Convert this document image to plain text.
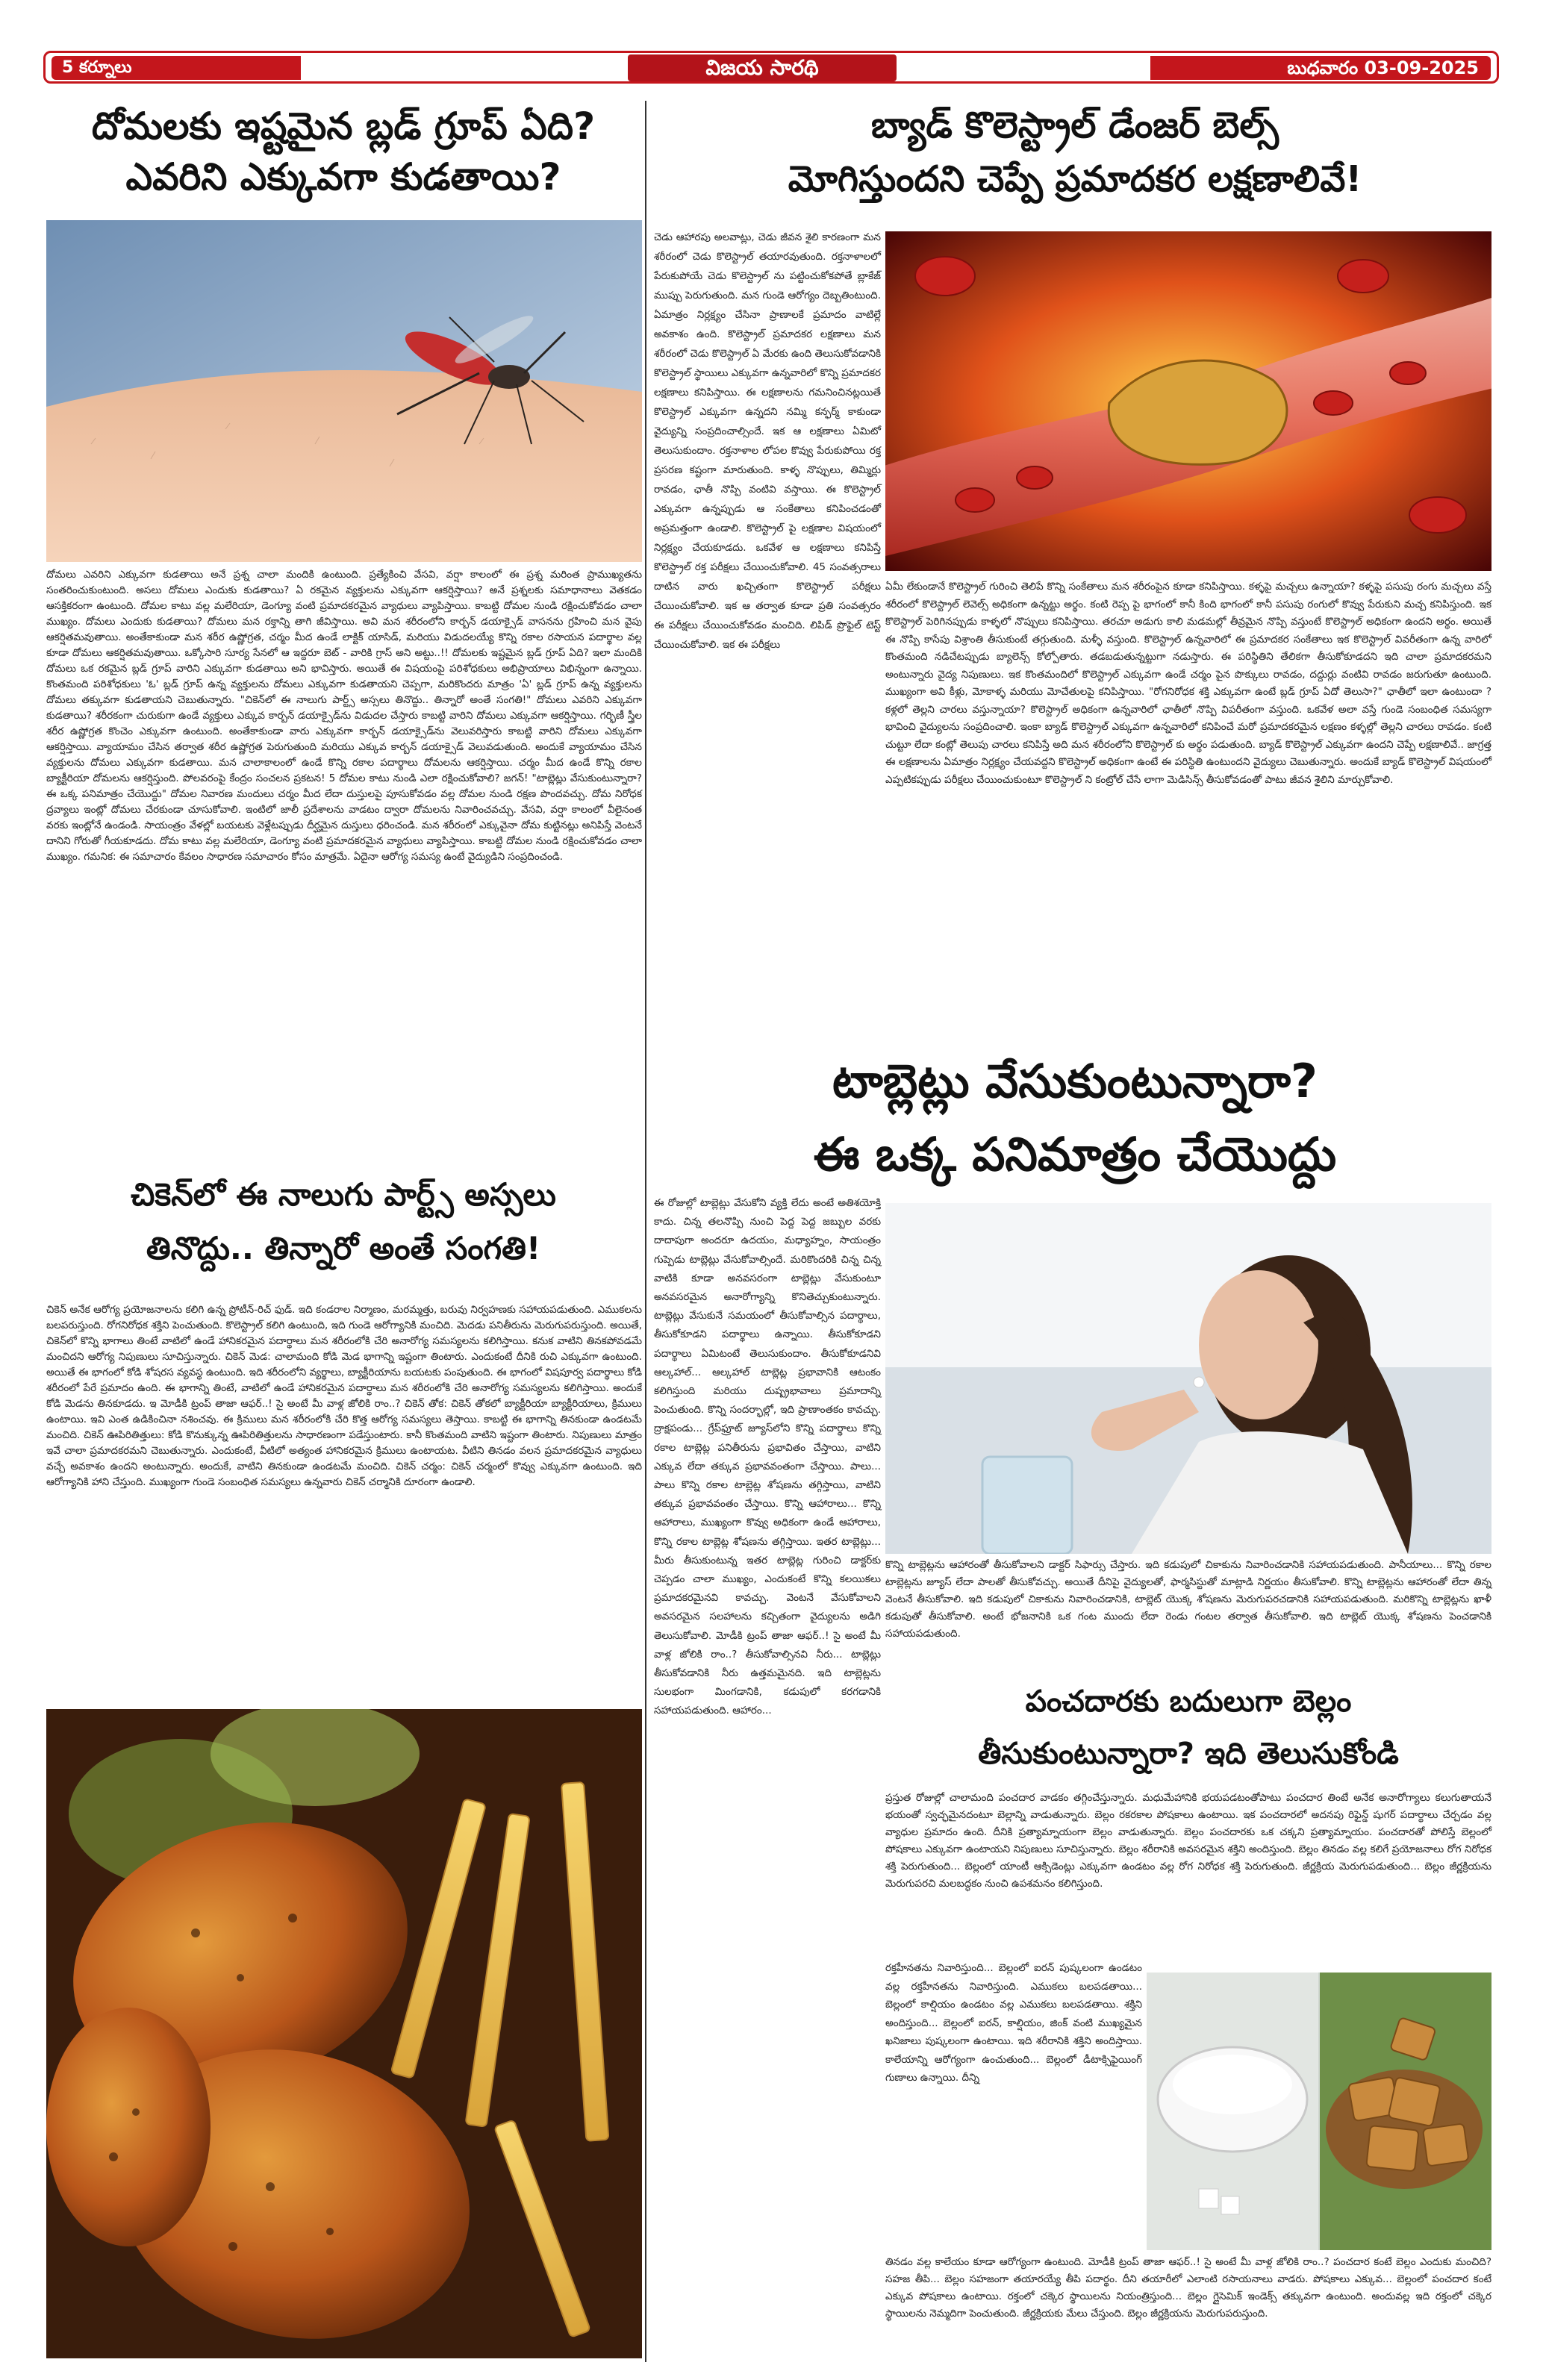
5 కర్నూలు	విజయ సారథి	బుధవారం 03-09-2025
దోమలకు ఇష్టమైన బ్లడ్ గ్రూప్ ఏది?
ఎవరిని ఎక్కువగా కుడతాయి?
దోమలు ఎవరిని ఎక్కువగా కుడతాయి అనే ప్రశ్న చాలా మందికి ఉంటుంది. ప్రత్యేకించి వేసవి, వర్షా కాలంలో ఈ ప్రశ్న మరింత ప్రాముఖ్యతను సంతరించుకుంటుంది. అసలు దోమలు ఎందుకు కుడతాయి? ఏ రకమైన వ్యక్తులను ఎక్కువగా ఆకర్షిస్తాయి? అనే ప్రశ్నలకు సమాధానాలు వెతకడం ఆసక్తికరంగా ఉంటుంది. దోమల కాటు వల్ల మలేరియా, డెంగ్యూ వంటి ప్రమాదకరమైన వ్యాధులు వ్యాపిస్తాయి. కాబట్టి దోమల నుండి రక్షించుకోవడం చాలా ముఖ్యం. దోమలు ఎందుకు కుడతాయి? దోమలు మన రక్తాన్ని తాగి జీవిస్తాయి. అవి మన శరీరంలోని కార్బన్ డయాక్సైడ్ వాసనను గ్రహించి మన వైపు ఆకర్షితమవుతాయి. అంతేకాకుండా మన శరీర ఉష్ణోగ్రత, చర్మం మీద ఉండే లాక్టిక్ యాసిడ్, మరియు విడుదలయ్యే కొన్ని రకాల రసాయన పదార్థాల వల్ల కూడా దోమలు ఆకర్షితమవుతాయి. ఒక్కోసారి సూర్య సేనలో ఆ ఇద్దరూ బెట్ - వారికి గ్రాస్ అని అట్టు..!! దోమలకు ఇష్టమైన బ్లడ్ గ్రూప్ ఏది? ఇలా మందికి దోమలు ఒక రకమైన బ్లడ్ గ్రూప్ వారిని ఎక్కువగా కుడతాయి అని భావిస్తారు. అయితే ఈ విషయంపై పరిశోధకులు అభిప్రాయాలు విభిన్నంగా ఉన్నాయి. కొంతమంది పరిశోధకులు 'ఓ' బ్లడ్ గ్రూప్ ఉన్న వ్యక్తులను దోమలు ఎక్కువగా కుడతాయని చెప్పగా, మరికొందరు మాత్రం 'ఏ' బ్లడ్ గ్రూప్ ఉన్న వ్యక్తులను దోమలు తక్కువగా కుడతాయని చెబుతున్నారు. "చికెన్‌లో ఈ నాలుగు పార్ట్స్ అస్సలు తినొద్దు.. తిన్నారో అంతే సంగతి!" దోమలు ఎవరిని ఎక్కువగా కుడతాయి? శరీరకంగా చురుకుగా ఉండే వ్యక్తులు ఎక్కువ కార్బన్ డయాక్సైడ్‌ను విడుదల చేస్తారు కాబట్టి వారిని దోమలు ఎక్కువగా ఆకర్షిస్తాయి. గర్భిణీ స్త్రీల శరీర ఉష్ణోగ్రత కొంచెం ఎక్కువగా ఉంటుంది. అంతేకాకుండా వారు ఎక్కువగా కార్బన్ డయాక్సైడ్‌ను వెలువరిస్తారు కాబట్టి వారిని దోమలు ఎక్కువగా ఆకర్షిస్తాయి. వ్యాయామం చేసిన తర్వాత శరీర ఉష్ణోగ్రత పెరుగుతుంది మరియు ఎక్కువ కార్బన్ డయాక్సైడ్ వెలువడుతుంది. అందుకే వ్యాయామం చేసిన వ్యక్తులను దోమలు ఎక్కువగా కుడతాయి. మన చాలాకాలంలో ఉండే కొన్ని రకాల పదార్థాలు దోమలను ఆకర్షిస్తాయి. చర్మం మీద ఉండే కొన్ని రకాల బ్యాక్టీరియా దోమలను ఆకర్షిస్తుంది. పోలవరంపై కేంద్రం సంచలన ప్రకటన! 5 దోమల కాటు నుండి ఎలా రక్షించుకోవాలి? జగన్! "టాబ్లెట్లు వేసుకుంటున్నారా? ఈ ఒక్క పనిమాత్రం చేయొద్దు" దోమల నివారణ మందులు చర్మం మీద లేదా దుస్తులపై పూసుకోవడం వల్ల దోమల నుండి రక్షణ పొందవచ్చు. దోమ నిరోధక ద్రవ్యాలు ఇంట్లో దోమలు చేరకుండా చూసుకోవాలి. ఇంటిలో జాలీ ప్రదేశాలను వాడటం ద్వారా దోమలను నివారించవచ్చు. వేసవి, వర్షా కాలంలో వీలైనంత వరకు ఇంట్లోనే ఉండండి. సాయంత్రం వేళల్లో బయటకు వెళ్లేటప్పుడు దీర్ఘమైన దుస్తులు ధరించండి. మన శరీరంలో ఎక్కువైనా దోమ కుట్టినట్లు అనిపిస్తే వెంటనే దానిని గోరుతో గీయకూడదు. దోమ కాటు వల్ల మలేరియా, డెంగ్యూ వంటి ప్రమాదకరమైన వ్యాధులు వ్యాపిస్తాయి. కాబట్టి దోమల నుండి రక్షించుకోవడం చాలా ముఖ్యం. గమనిక: ఈ సమాచారం కేవలం సాధారణ సమాచారం కోసం మాత్రమే. ఏదైనా ఆరోగ్య సమస్య ఉంటే వైద్యుడిని సంప్రదించండి.
చికెన్‌లో ఈ నాలుగు పార్ట్స్ అస్సలు
తినొద్దు.. తిన్నారో అంతే సంగతి!
చికెన్ అనేక ఆరోగ్య ప్రయోజనాలను కలిగి ఉన్న ప్రోటీన్-రిచ్ ఫుడ్. ఇది కండరాల నిర్మాణం, మరమ్మత్తు, బరువు నిర్వహణకు సహాయపడుతుంది. ఎముకలను బలపరుస్తుంది. రోగనిరోధక శక్తిని పెంచుతుంది. కొలెస్ట్రాల్ కలిగి ఉంటుంది, ఇది గుండె ఆరోగ్యానికి మంచిది. మెదడు పనితీరును మెరుగుపరుస్తుంది. అయితే, చికెన్‌లో కొన్ని భాగాలు తింటే వాటిలో ఉండే హానికరమైన పదార్థాలు మన శరీరంలోకి చేరి అనారోగ్య సమస్యలను కలిగిస్తాయి. కనుక వాటిని తినకపోవడమే మంచిదని ఆరోగ్య నిపుణులు సూచిస్తున్నారు. చికెన్ మెడ: చాలామంది కోడి మెడ భాగాన్ని ఇష్టంగా తింటారు. ఎందుకంటే దీనికి రుచి ఎక్కువగా ఉంటుంది. అయితే ఈ భాగంలో కోడి శోషరస వ్యవస్థ ఉంటుంది. ఇది శరీరంలోని వ్యర్థాలు, బ్యాక్టీరియాను బయటకు పంపుతుంది. ఈ భాగంలో విషపూర్వ పదార్థాలు కోడి శరీరంలో పేరే ప్రమాదం ఉంది. ఈ భాగాన్ని తింటే, వాటిలో ఉండే హానికరమైన పదార్థాలు మన శరీరంలోకి చేరి అనారోగ్య సమస్యలను కలిగిస్తాయి. అందుకే కోడి మెడను తినకూడదు. ఇ మోడీకి ట్రంప్ తాజా ఆఫర్..! సై అంటే మీ వాళ్ల జోలికి రాం..? చికెన్ తోక: చికెన్ తోకలో బ్యాక్టీరియా బ్యాక్టీరియాలు, క్రిములు ఉంటాయి. ఇవి ఎంత ఉడికించినా నశించవు. ఈ క్రిములు మన శరీరంలోకి చేరి కొత్త ఆరోగ్య సమస్యలు తెస్తాయి. కాబట్టి ఈ భాగాన్ని తినకుండా ఉండటమే మంచిది. చికెన్ ఊపిరితిత్తులు: కోడి కొనుక్కున్న ఊపిరితిత్తులను సాధారణంగా పడేస్తుంటారు. కానీ కొంతమంది వాటిని ఇష్టంగా తింటారు. నిపుణులు మాత్రం ఇవే చాలా ప్రమాదకరమని చెబుతున్నారు. ఎందుకంటే, వీటిలో అత్యంత హానికరమైన క్రిములు ఉంటాయట. వీటిని తినడం వలన ప్రమాదకరమైన వ్యాధులు వచ్చే అవకాశం ఉందని అంటున్నారు. అందుకే, వాటిని తినకుండా ఉండటమే మంచిది. చికెన్ చర్మం: చికెన్ చర్మంలో కొవ్వు ఎక్కువగా ఉంటుంది. ఇది ఆరోగ్యానికి హాని చేస్తుంది. ముఖ్యంగా గుండె సంబంధిత సమస్యలు ఉన్నవారు చికెన్ చర్మానికి దూరంగా ఉండాలి.
బ్యాడ్ కొలెస్ట్రాల్ డేంజర్ బెల్స్
మోగిస్తుందని చెప్పే ప్రమాదకర లక్షణాలివే!
చెడు ఆహారపు అలవాట్లు, చెడు జీవన శైలి కారణంగా మన శరీరంలో చెడు కొలెస్ట్రాల్ తయారవుతుంది. రక్తనాళాలలో పేరుకుపోయే చెడు కొలెస్ట్రాల్ ను పట్టించుకోకపోతే బ్లాకేజ్ ముప్పు పెరుగుతుంది. మన గుండె ఆరోగ్యం దెబ్బతింటుంది. ఏమాత్రం నిర్లక్ష్యం చేసినా ప్రాణాలకే ప్రమాదం వాటిల్లే అవకాశం ఉంది. కొలెస్ట్రాల్ ప్రమాదకర లక్షణాలు మన శరీరంలో చెడు కొలెస్ట్రాల్ ఏ మేరకు ఉంది తెలుసుకోవడానికి కొలెస్ట్రాల్ స్థాయిలు ఎక్కువగా ఉన్నవారిలో కొన్ని ప్రమాదకర లక్షణాలు కనిపిస్తాయి. ఈ లక్షణాలను గమనించినట్లయితే కొలెస్ట్రాల్ ఎక్కువగా ఉన్నదని నమ్మి కన్ఫర్మ్ కాకుండా వైద్యున్ని సంప్రదించాల్సిందే. ఇక ఆ లక్షణాలు ఏమిటో తెలుసుకుందాం. రక్తనాళాల లోపల కొవ్వు పేరుకుపోయి రక్త ప్రసరణ కష్టంగా మారుతుంది. కాళ్ళ నొప్పులు, తిమ్మిర్లు రావడం, ఛాతీ నొప్పి వంటివి వస్తాయి. ఈ కొలెస్ట్రాల్ ఎక్కువగా ఉన్నప్పుడు ఆ సంకేతాలు కనిపించడంతో అప్రమత్తంగా ఉండాలి. కొలెస్ట్రాల్ పై లక్షణాల విషయంలో నిర్లక్ష్యం చేయకూడదు. ఒకవేళ ఆ లక్షణాలు కనిపిస్తే కొలెస్ట్రాల్ రక్త పరీక్షలు చేయించుకోవాలి. 45 సంవత్సరాలు దాటిన వారు ఖచ్చితంగా కొలెస్ట్రాల్ పరీక్షలు చేయించుకోవాలి. ఇక ఆ తర్వాత కూడా ప్రతి సంవత్సరం ఈ పరీక్షలు చేయించుకోవడం మంచిది. లిపిడ్ ప్రొఫైల్ టెస్ట్ చేయించుకోవాలి. ఇక ఈ పరీక్షలు
ఏమీ లేకుండానే కొలెస్ట్రాల్ గురించి తెలిపే కొన్ని సంకేతాలు మన శరీరంపైన కూడా కనిపిస్తాయి. కళ్ళపై మచ్చలు ఉన్నాయా? కళ్ళపై పసుపు రంగు మచ్చలు వస్తే శరీరంలో కొలెస్ట్రాల్ లెవెల్స్ అధికంగా ఉన్నట్టు అర్థం. కంటి రెప్ప పై భాగంలో కానీ కింది భాగంలో కానీ పసుపు రంగులో కొవ్వు పేరుకుని మచ్చ కనిపిస్తుంది. ఇక కొలెస్ట్రాల్ పెరిగినప్పుడు కాళ్ళలో నొప్పులు కనిపిస్తాయి. తరచూ అడుగు కాలి మడమల్లో తీవ్రమైన నొప్పి వస్తుంటే కొలెస్ట్రాల్ అధికంగా ఉందని అర్థం. అయితే ఈ నొప్పి కాసేపు విశ్రాంతి తీసుకుంటే తగ్గుతుంది. మళ్ళీ వస్తుంది. కొలెస్ట్రాల్ ఉన్నవారిలో ఈ ప్రమాదకర సంకేతాలు ఇక కొలెస్ట్రాల్ వివరీతంగా ఉన్న వారిలో కొంతమంది నడిచేటప్పుడు బ్యాలెన్స్ కోల్పోతారు. తడబడుతున్నట్టుగా నడుస్తారు. ఈ పరిస్థితిని తేలికగా తీసుకోకూడదని ఇది చాలా ప్రమాదకరమని అంటున్నారు వైద్య నిపుణులు. ఇక కొంతమందిలో కొలెస్ట్రాల్ ఎక్కువగా ఉండే చర్మం పైన పొక్కులు రావడం, దద్దుర్లు వంటివి రావడం జరుగుతూ ఉంటుంది. ముఖ్యంగా అవి కీళ్లు, మోకాళ్ళ మరియు మోచేతులపై కనిపిస్తాయి. "రోగనిరోధక శక్తి ఎక్కువగా ఉంటే బ్లడ్ గ్రూప్ ఏదో తెలుసా?" ఛాతీలో ఇలా ఉంటుందా ? కళ్లలో తెల్లని చారలు వస్తున్నాయా? కొలెస్ట్రాల్ అధికంగా ఉన్నవారిలో ఛాతీలో నొప్పి విపరీతంగా వస్తుంది. ఒకవేళ అలా వస్తే గుండె సంబంధిత సమస్యగా భావించి వైద్యులను సంప్రదించాలి. ఇంకా బ్యాడ్ కొలెస్ట్రాల్ ఎక్కువగా ఉన్నవారిలో కనిపించే మరో ప్రమాదకరమైన లక్షణం కళ్ళల్లో తెల్లని చారలు రావడం. కంటి చుట్టూ లేదా కంట్లో తెలుపు చారలు కనిపిస్తే అది మన శరీరంలోని కొలెస్ట్రాల్ కు అర్థం పడుతుంది. బ్యాడ్ కొలెస్ట్రాల్ ఎక్కువగా ఉందని చెప్పే లక్షణాలివే.. జాగ్రత్త ఈ లక్షణాలను ఏమాత్రం నిర్లక్ష్యం చేయవద్దని కొలెస్ట్రాల్ అధికంగా ఉంటే ఈ పరిస్థితి ఉంటుందని వైద్యులు చెబుతున్నారు. అందుకే బ్యాడ్ కొలెస్ట్రాల్ విషయంలో ఎప్పటికప్పుడు పరీక్షలు చేయించుకుంటూ కొలెస్ట్రాల్ ని కంట్రోల్ చేసే లాగా మెడిసిన్స్ తీసుకోవడంతో పాటు జీవన శైలిని మార్చుకోవాలి.
టాబ్లెట్లు వేసుకుంటున్నారా?
ఈ ఒక్క పనిమాత్రం చేయొద్దు
ఈ రోజుల్లో టాబ్లెట్లు వేసుకోని వ్యక్తి లేదు అంటే అతిశయోక్తి కాదు. చిన్న తలనొప్పి నుంచి పెద్ద పెద్ద జబ్బుల వరకు దాదాపుగా అందరూ ఉదయం, మధ్యాహ్నం, సాయంత్రం గుప్పెడు టాబ్లెట్లు వేసుకోవాల్సిందే. మరికొందరికి చిన్న చిన్న వాటికి కూడా అనవసరంగా టాబ్లెట్లు వేసుకుంటూ అనవసరమైన అనారోగ్యాన్ని కొనితెచ్చుకుంటున్నారు. టాబ్లెట్లు వేసుకునే సమయంలో తీసుకోవాల్సిన పదార్థాలు, తీసుకోకూడని పదార్థాలు ఉన్నాయి. తీసుకోకూడని పదార్థాలు ఏమిటంటే తెలుసుకుందాం. తీసుకోకూడనివి ఆల్కహాల్... ఆల్కహాల్ టాబ్లెట్ల ప్రభావానికి ఆటంకం కలిగిస్తుంది మరియు దుష్ప్రభావాలు ప్రమాదాన్ని పెంచుతుంది. కొన్ని సందర్భాల్లో, ఇది ప్రాణాంతకం కావచ్చు. ద్రాక్షపండు... గ్రేప్‌ఫ్రూట్ జ్యూస్‌లోని కొన్ని పదార్థాలు కొన్ని రకాల టాబ్లెట్ల పనితీరును ప్రభావితం చేస్తాయి, వాటిని ఎక్కువ లేదా తక్కువ ప్రభావవంతంగా చేస్తాయి. పాలు... పాలు కొన్ని రకాల టాబ్లెట్ల శోషణను తగ్గిస్తాయి, వాటిని తక్కువ ప్రభావవంతం చేస్తాయి. కొన్ని ఆహారాలు... కొన్ని ఆహారాలు, ముఖ్యంగా కొవ్వు అధికంగా ఉండే ఆహారాలు, కొన్ని రకాల టాబ్లెట్ల శోషణను తగ్గిస్తాయి. ఇతర టాబ్లెట్లు... మీరు తీసుకుంటున్న ఇతర టాబ్లెట్ల గురించి డాక్టర్‌కు చెప్పడం చాలా ముఖ్యం, ఎందుకంటే కొన్ని కలయికలు ప్రమాదకరమైనవి కావచ్చు. వెంటనే వేసుకోవాలని అవసరమైన సలహాలను కచ్చితంగా వైద్యులను అడిగి తెలుసుకోవాలి. మోడీకి ట్రంప్ తాజా ఆఫర్..! సై అంటే మీ వాళ్ల జోలికి రాం..? తీసుకోవాల్సినవి నీరు... టాబ్లెట్లు తీసుకోవడానికి నీరు ఉత్తమమైనది. ఇది టాబ్లెట్లను సులభంగా మింగడానికి, కడుపులో కరగడానికి సహాయపడుతుంది. ఆహారం...
కొన్ని టాబ్లెట్లను ఆహారంతో తీసుకోవాలని డాక్టర్ సిఫార్సు చేస్తారు. ఇది కడుపులో చికాకును నివారించడానికి సహాయపడుతుంది. పానీయాలు... కొన్ని రకాల టాబ్లెట్లను జ్యూస్ లేదా పాలతో తీసుకోవచ్చు. అయితే దీనిపై వైద్యులతో, ఫార్మసిస్టుతో మాట్లాడి నిర్ణయం తీసుకోవాలి. కొన్ని టాబ్లెట్లను ఆహారంతో లేదా తిన్న వెంటనే తీసుకోవాలి. ఇది కడుపులో చికాకును నివారించడానికి, టాబ్లెట్ యొక్క శోషణను మెరుగుపరచడానికి సహాయపడుతుంది. మరికొన్ని టాబ్లెట్లను ఖాళీ కడుపుతో తీసుకోవాలి. అంటే భోజనానికి ఒక గంట ముందు లేదా రెండు గంటల తర్వాత తీసుకోవాలి. ఇది టాబ్లెట్ యొక్క శోషణను పెంచడానికి సహాయపడుతుంది.
పంచదారకు బదులుగా బెల్లం
తీసుకుంటున్నారా? ఇది తెలుసుకోండి
ప్రస్తుత రోజుల్లో చాలామంది పంచదార వాడకం తగ్గించేస్తున్నారు. మధుమేహానికి భయపడటంతోపాటు పంచదార తింటే అనేక అనారోగ్యాలు కలుగుతాయనే భయంతో స్వచ్ఛమైనదంటూ బెల్లాన్ని వాడుతున్నారు. బెల్లం రకరకాల పోషకాలు ఉంటాయి. ఇక పంచదారలో అదనపు రిఫైన్డ్ షుగర్ పదార్థాలు చేర్చడం వల్ల వ్యాధుల ప్రమాదం ఉంది. దీనికి ప్రత్యామ్నాయంగా బెల్లం వాడుతున్నారు. బెల్లం పంచదారకు ఒక చక్కని ప్రత్యామ్నాయం. పంచదారతో పోలిస్తే బెల్లంలో పోషకాలు ఎక్కువగా ఉంటాయని నిపుణులు సూచిస్తున్నారు. బెల్లం శరీరానికి అవసరమైన శక్తిని అందిస్తుంది. బెల్లం తినడం వల్ల కలిగే ప్రయోజనాలు రోగ నిరోధక శక్తి పెరుగుతుంది... బెల్లంలో యాంటీ ఆక్సిడెంట్లు ఎక్కువగా ఉండటం వల్ల రోగ నిరోధక శక్తి పెరుగుతుంది. జీర్ణక్రియ మెరుగుపడుతుంది... బెల్లం జీర్ణక్రియను మెరుగుపరచి మలబద్ధకం నుంచి ఉపశమనం కలిగిస్తుంది.
రక్తహీనతను నివారిస్తుంది... బెల్లంలో ఐరన్ పుష్కలంగా ఉండటం వల్ల రక్తహీనతను నివారిస్తుంది. ఎముకలు బలపడతాయి... బెల్లంలో కాల్షియం ఉండటం వల్ల ఎముకలు బలపడతాయి. శక్తిని అందిస్తుంది... బెల్లంలో ఐరన్, కాల్షియం, జింక్ వంటి ముఖ్యమైన ఖనిజాలు పుష్కలంగా ఉంటాయి. ఇది శరీరానికి శక్తిని అందిస్తాయి. కాలేయాన్ని ఆరోగ్యంగా ఉంచుతుంది... బెల్లంలో డీటాక్సిఫైయింగ్ గుణాలు ఉన్నాయి. దీన్ని
తినడం వల్ల కాలేయం కూడా ఆరోగ్యంగా ఉంటుంది. మోడీకి ట్రంప్ తాజా ఆఫర్..! సై అంటే మీ వాళ్ల జోలికి రాం..? పంచదార కంటే బెల్లం ఎందుకు మంచిది? సహజ తీపి... బెల్లం సహజంగా తయారయ్యే తీపి పదార్థం. దీని తయారీలో ఎలాంటి రసాయనాలు వాడరు. పోషకాలు ఎక్కువ... బెల్లంలో పంచదార కంటే ఎక్కువ పోషకాలు ఉంటాయి. రక్తంలో చక్కెర స్థాయిలను నియంత్రిస్తుంది... బెల్లం గ్లైసెమిక్ ఇండెక్స్ తక్కువగా ఉంటుంది. అందువల్ల ఇది రక్తంలో చక్కెర స్థాయిలను నెమ్మదిగా పెంచుతుంది. జీర్ణక్రియకు మేలు చేస్తుంది. బెల్లం జీర్ణక్రియను మెరుగుపరుస్తుంది.
